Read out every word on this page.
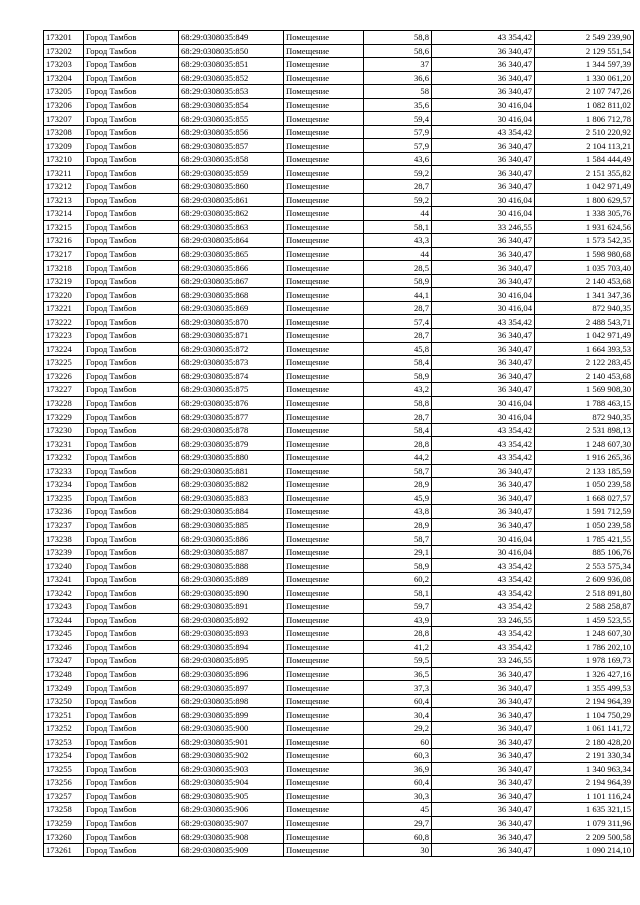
173201	Город Тамбов	68:29:0308035:849	Помещение	58,8	43 354,42	2 549 239,90
173202	Город Тамбов	68:29:0308035:850	Помещение	58,6	36 340,47	2 129 551,54
173203	Город Тамбов	68:29:0308035:851	Помещение	37	36 340,47	1 344 597,39
173204	Город Тамбов	68:29:0308035:852	Помещение	36,6	36 340,47	1 330 061,20
173205	Город Тамбов	68:29:0308035:853	Помещение	58	36 340,47	2 107 747,26
173206	Город Тамбов	68:29:0308035:854	Помещение	35,6	30 416,04	1 082 811,02
173207	Город Тамбов	68:29:0308035:855	Помещение	59,4	30 416,04	1 806 712,78
173208	Город Тамбов	68:29:0308035:856	Помещение	57,9	43 354,42	2 510 220,92
173209	Город Тамбов	68:29:0308035:857	Помещение	57,9	36 340,47	2 104 113,21
173210	Город Тамбов	68:29:0308035:858	Помещение	43,6	36 340,47	1 584 444,49
173211	Город Тамбов	68:29:0308035:859	Помещение	59,2	36 340,47	2 151 355,82
173212	Город Тамбов	68:29:0308035:860	Помещение	28,7	36 340,47	1 042 971,49
173213	Город Тамбов	68:29:0308035:861	Помещение	59,2	30 416,04	1 800 629,57
173214	Город Тамбов	68:29:0308035:862	Помещение	44	30 416,04	1 338 305,76
173215	Город Тамбов	68:29:0308035:863	Помещение	58,1	33 246,55	1 931 624,56
173216	Город Тамбов	68:29:0308035:864	Помещение	43,3	36 340,47	1 573 542,35
173217	Город Тамбов	68:29:0308035:865	Помещение	44	36 340,47	1 598 980,68
173218	Город Тамбов	68:29:0308035:866	Помещение	28,5	36 340,47	1 035 703,40
173219	Город Тамбов	68:29:0308035:867	Помещение	58,9	36 340,47	2 140 453,68
173220	Город Тамбов	68:29:0308035:868	Помещение	44,1	30 416,04	1 341 347,36
173221	Город Тамбов	68:29:0308035:869	Помещение	28,7	30 416,04	872 940,35
173222	Город Тамбов	68:29:0308035:870	Помещение	57,4	43 354,42	2 488 543,71
173223	Город Тамбов	68:29:0308035:871	Помещение	28,7	36 340,47	1 042 971,49
173224	Город Тамбов	68:29:0308035:872	Помещение	45,8	36 340,47	1 664 393,53
173225	Город Тамбов	68:29:0308035:873	Помещение	58,4	36 340,47	2 122 283,45
173226	Город Тамбов	68:29:0308035:874	Помещение	58,9	36 340,47	2 140 453,68
173227	Город Тамбов	68:29:0308035:875	Помещение	43,2	36 340,47	1 569 908,30
173228	Город Тамбов	68:29:0308035:876	Помещение	58,8	30 416,04	1 788 463,15
173229	Город Тамбов	68:29:0308035:877	Помещение	28,7	30 416,04	872 940,35
173230	Город Тамбов	68:29:0308035:878	Помещение	58,4	43 354,42	2 531 898,13
173231	Город Тамбов	68:29:0308035:879	Помещение	28,8	43 354,42	1 248 607,30
173232	Город Тамбов	68:29:0308035:880	Помещение	44,2	43 354,42	1 916 265,36
173233	Город Тамбов	68:29:0308035:881	Помещение	58,7	36 340,47	2 133 185,59
173234	Город Тамбов	68:29:0308035:882	Помещение	28,9	36 340,47	1 050 239,58
173235	Город Тамбов	68:29:0308035:883	Помещение	45,9	36 340,47	1 668 027,57
173236	Город Тамбов	68:29:0308035:884	Помещение	43,8	36 340,47	1 591 712,59
173237	Город Тамбов	68:29:0308035:885	Помещение	28,9	36 340,47	1 050 239,58
173238	Город Тамбов	68:29:0308035:886	Помещение	58,7	30 416,04	1 785 421,55
173239	Город Тамбов	68:29:0308035:887	Помещение	29,1	30 416,04	885 106,76
173240	Город Тамбов	68:29:0308035:888	Помещение	58,9	43 354,42	2 553 575,34
173241	Город Тамбов	68:29:0308035:889	Помещение	60,2	43 354,42	2 609 936,08
173242	Город Тамбов	68:29:0308035:890	Помещение	58,1	43 354,42	2 518 891,80
173243	Город Тамбов	68:29:0308035:891	Помещение	59,7	43 354,42	2 588 258,87
173244	Город Тамбов	68:29:0308035:892	Помещение	43,9	33 246,55	1 459 523,55
173245	Город Тамбов	68:29:0308035:893	Помещение	28,8	43 354,42	1 248 607,30
173246	Город Тамбов	68:29:0308035:894	Помещение	41,2	43 354,42	1 786 202,10
173247	Город Тамбов	68:29:0308035:895	Помещение	59,5	33 246,55	1 978 169,73
173248	Город Тамбов	68:29:0308035:896	Помещение	36,5	36 340,47	1 326 427,16
173249	Город Тамбов	68:29:0308035:897	Помещение	37,3	36 340,47	1 355 499,53
173250	Город Тамбов	68:29:0308035:898	Помещение	60,4	36 340,47	2 194 964,39
173251	Город Тамбов	68:29:0308035:899	Помещение	30,4	36 340,47	1 104 750,29
173252	Город Тамбов	68:29:0308035:900	Помещение	29,2	36 340,47	1 061 141,72
173253	Город Тамбов	68:29:0308035:901	Помещение	60	36 340,47	2 180 428,20
173254	Город Тамбов	68:29:0308035:902	Помещение	60,3	36 340,47	2 191 330,34
173255	Город Тамбов	68:29:0308035:903	Помещение	36,9	36 340,47	1 340 963,34
173256	Город Тамбов	68:29:0308035:904	Помещение	60,4	36 340,47	2 194 964,39
173257	Город Тамбов	68:29:0308035:905	Помещение	30,3	36 340,47	1 101 116,24
173258	Город Тамбов	68:29:0308035:906	Помещение	45	36 340,47	1 635 321,15
173259	Город Тамбов	68:29:0308035:907	Помещение	29,7	36 340,47	1 079 311,96
173260	Город Тамбов	68:29:0308035:908	Помещение	60,8	36 340,47	2 209 500,58
173261	Город Тамбов	68:29:0308035:909	Помещение	30	36 340,47	1 090 214,10
